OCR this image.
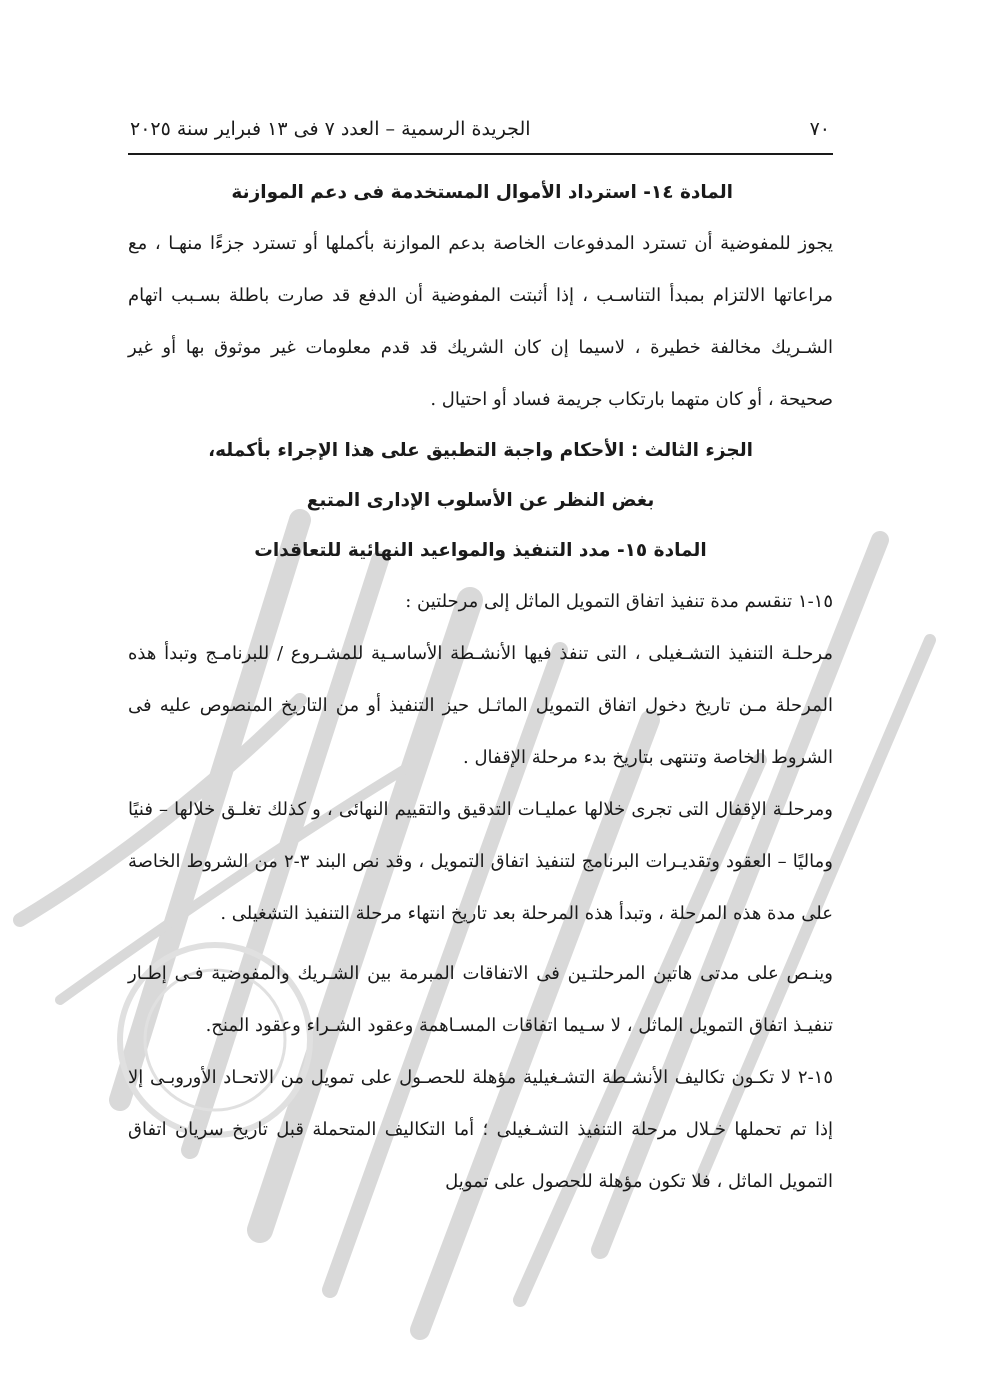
٧٠
الجريدة الرسمية – العدد ٧ فى ١٣ فبراير سنة ٢٠٢٥
المادة ١٤- استرداد الأموال المستخدمة فى دعم الموازنة

يجوز للمفوضية أن تسترد المدفوعات الخاصة بدعم الموازنة بأكملها أو تسترد جزءًا منهـا ، مع مراعاتها الالتزام بمبدأ التناسـب ، إذا أثبتت المفوضية أن الدفع قد صارت باطلة بسـبب اتهام الشـريك مخالفة خطيرة ، لاسيما إن كان الشريك قد قدم معلومات غير موثوق بها أو غير صحيحة ، أو كان متهما بارتكاب جريمة فساد أو احتيال .

الجزء الثالث : الأحكام واجبة التطبيق على هذا الإجراء بأكمله،
بغض النظر عن الأسلوب الإدارى المتبع
المادة ١٥- مدد التنفيذ والمواعيد النهائية للتعاقدات

١٥-١ تنقسم مدة تنفيذ اتفاق التمويل الماثل إلى مرحلتين :

مرحلـة التنفيذ التشـغيلى ، التى تنفذ فيها الأنشـطة الأساسـية للمشـروع / للبرنامـج وتبدأ هذه المرحلة مـن تاريخ دخول اتفاق التمويل الماثـل حيز التنفيذ أو من التاريخ المنصوص عليه فى الشروط الخاصة وتنتهى بتاريخ بدء مرحلة الإقفال .

ومرحلـة الإقفال التى تجرى خلالها عمليـات التدقيق والتقييم النهائى ، و كذلك تغلـق خلالها – فنيًا وماليًا – العقود وتقديـرات البرنامج لتنفيذ اتفاق التمويل ، وقد نص البند ٣-٢ من الشروط الخاصة على مدة هذه المرحلة ، وتبدأ هذه المرحلة بعد تاريخ انتهاء مرحلة التنفيذ التشغيلى .

وينـص على مدتى هاتين المرحلتـين فى الاتفاقات المبرمة بين الشـريك والمفوضية فـى إطـار تنفيـذ اتفاق التمويل الماثل ، لا سـيما اتفاقات المسـاهمة وعقود الشـراء وعقود المنح.

١٥-٢ لا تكـون تكاليف الأنشـطة التشـغيلية مؤهلة للحصـول على تمويل من الاتحـاد الأوروبـى إلا إذا تم تحملها خـلال مرحلة التنفيذ التشـغيلى ؛ أما التكاليف المتحملة قبل تاريخ سريان اتفاق التمويل الماثل ، فلا تكون مؤهلة للحصول على تمويل
